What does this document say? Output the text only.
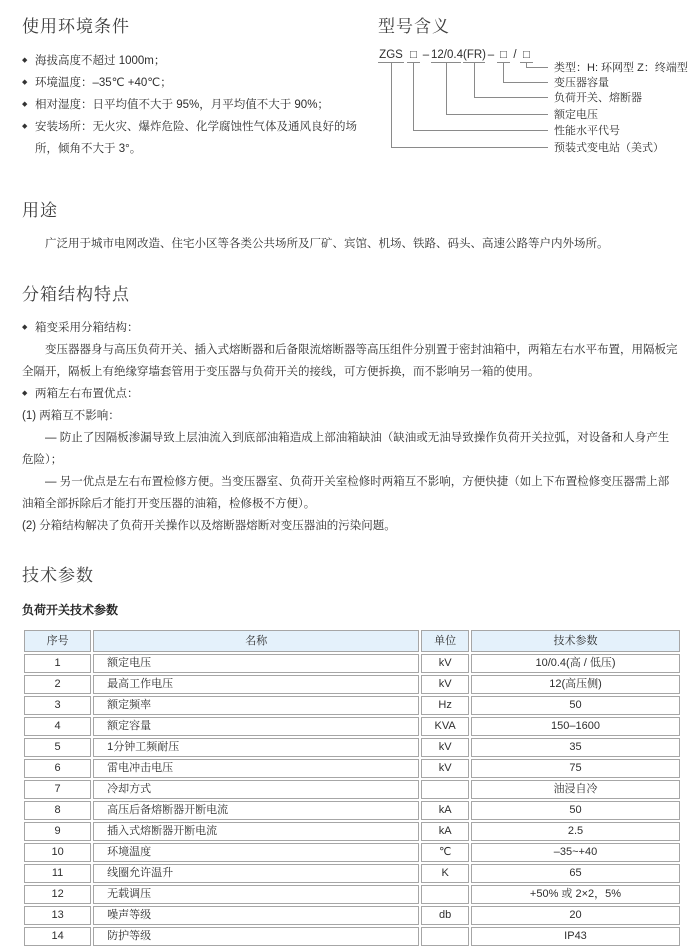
使用环境条件
◆ 海拔高度不超过 1000m；
◆ 环境温度：–35℃ +40℃；
◆ 相对湿度：日平均值不大于 95%，月平均值不大于 90%；
◆ 安装场所：无火灾、爆炸危险、化学腐蚀性气体及通风良好的场所，倾角不大于 3°。
型号含义
ZGS □ – 12/0.4 (FR) – □ / □
类型：H: 环网型 Z：终端型
变压器容量
负荷开关、熔断器
额定电压
性能水平代号
预装式变电站（美式）
用途

广泛用于城市电网改造、住宅小区等各类公共场所及厂矿、宾馆、机场、铁路、码头、高速公路等户内外场所。

分箱结构特点

◆ 箱变采用分箱结构：

变压器器身与高压负荷开关、插入式熔断器和后备限流熔断器等高压组件分别置于密封油箱中，两箱左右水平布置，用隔板完全隔开，隔板上有绝缘穿墙套管用于变压器与负荷开关的接线，可方便拆换，而不影响另一箱的使用。

◆ 两箱左右布置优点：

(1) 两箱互不影响：

— 防止了因隔板渗漏导致上层油流入到底部油箱造成上部油箱缺油（缺油或无油导致操作负荷开关拉弧，对设备和人身产生危险）；

— 另一优点是左右布置检修方便。当变压器室、负荷开关室检修时两箱互不影响，方便快捷（如上下布置检修变压器需上部油箱全部拆除后才能打开变压器的油箱，检修极不方便）。

(2) 分箱结构解决了负荷开关操作以及熔断器熔断对变压器油的污染问题。

技术参数
负荷开关技术参数
序号	名称	单位	技术参数
1	额定电压	kV	10/0.4(高 / 低压)
2	最高工作电压	kV	12(高压侧)
3	额定频率	Hz	50
4	额定容量	KVA	150–1600
5	1分钟工频耐压	kV	35
6	雷电冲击电压	kV	75
7	冷却方式		油浸自冷
8	高压后备熔断器开断电流	kA	50
9	插入式熔断器开断电流	kA	2.5
10	环境温度	℃	–35~+40
11	线圈允许温升	K	65
12	无载调压		+50% 或 2×2，5%
13	噪声等级	db	20
14	防护等级		IP43
